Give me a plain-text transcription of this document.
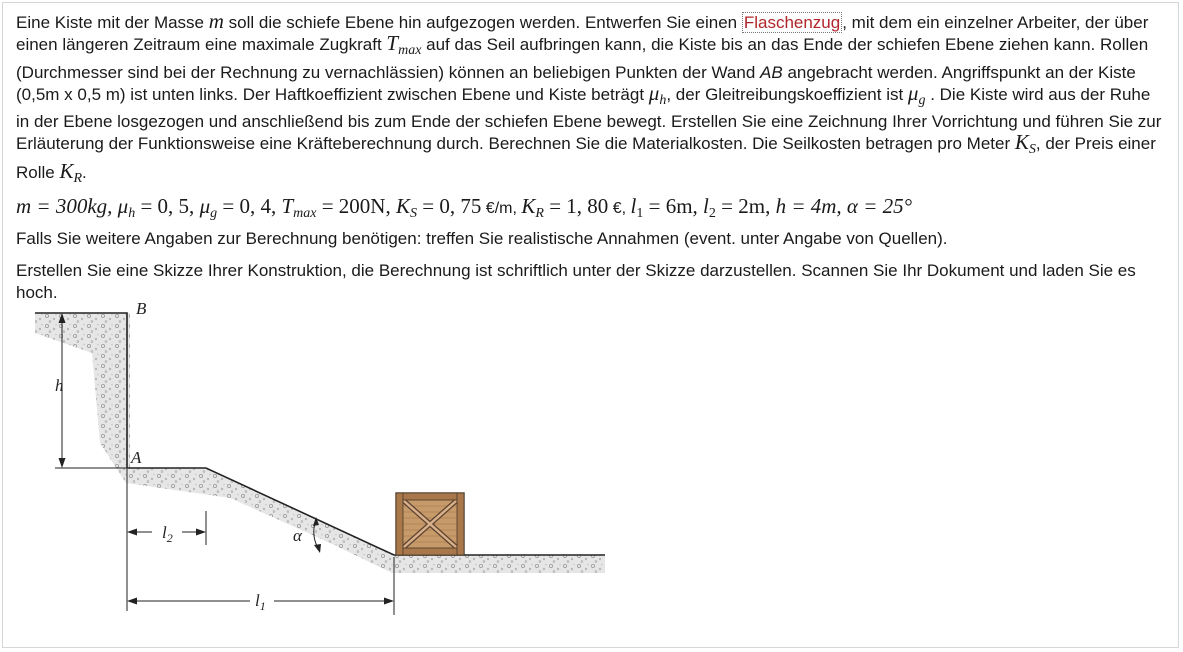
Eine Kiste mit der Masse m soll die schiefe Ebene hin aufgezogen werden. Entwerfen Sie einen Flaschenzug , mit dem ein einzelner Arbeiter, der über einen längeren Zeitraum eine maximale Zugkraft $T_{max}$ auf das Seil aufbringen kann, die Kiste bis an das Ende der schiefen Ebene ziehen kann. Rollen (Durchmesser sind bei der Rechnung zu vernachlässien) können an beliebigen Punkten der Wand AB angebracht werden. Angriffspunkt an der Kiste (0,5m x 0,5 m) ist unten links. Der Haftkoeffizient zwischen Ebene und Kiste beträgt $\mu_h$, der Gleitreibungskoeffizient ist $\mu_g$ . Die Kiste wird aus der Ruhe in der Ebene losgezogen und anschließend bis zum Ende der schiefen Ebene bewegt. Erstellen Sie eine Zeichnung Ihrer Vorrichtung und führen Sie zur Erläuterung der Funktionsweise eine Kräfteberechnung durch. Berechnen Sie die Materialkosten. Die Seilkosten betragen pro Meter $K_S$, der Preis einer Rolle $K_R$.

m = 300kg, $\mu_h = 0$, 5, $\mu_g = 0$, 4, $T_{max} = 200N$, $K_S = 0$, 75 €/m, $K_R = 1$, 80 €, $l_1 = 6m$, $l_2 = 2m$, h = 4m, α = 25°

Falls Sie weitere Angaben zur Berechnung benötigen: treffen Sie realistische Annahmen (event. unter Angabe von Quellen).

Erstellen Sie eine Skizze Ihrer Konstruktion, die Berechnung ist schriftlich unter der Skizze darzustellen. Scannen Sie Ihr Dokument und laden Sie es hoch.

h
B
A
$l_2$
$l_1$
α
